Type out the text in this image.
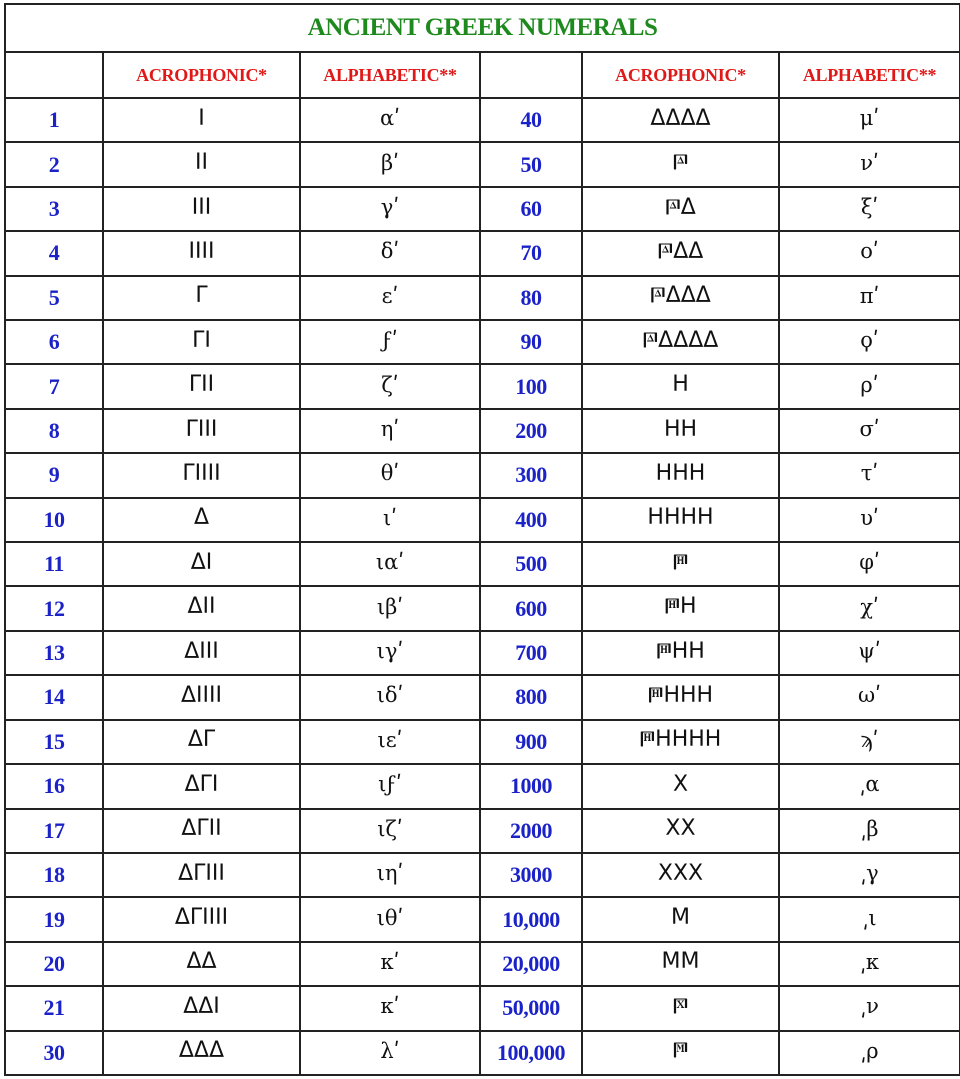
ANCIENT GREEK NUMERALS					
	ACROPHONIC*	ALPHABETIC**		ACROPHONIC*	ALPHABETIC**
1	Ι	αʹ	40	ΔΔΔΔ	μʹ
2	ΙΙ	βʹ	50	𐅄	νʹ
3	ΙΙΙ	γʹ	60	𐅄Δ	ξʹ
4	ΙΙΙΙ	δʹ	70	𐅄ΔΔ	οʹ
5	Γ	εʹ	80	𐅄ΔΔΔ	πʹ
6	ΓΙ	ϝʹ	90	𐅄ΔΔΔΔ	ϙʹ
7	ΓΙΙ	ζʹ	100	Η	ρʹ
8	ΓΙΙΙ	ηʹ	200	ΗΗ	σʹ
9	ΓΙΙΙΙ	θʹ	300	ΗΗΗ	τʹ
10	Δ	ιʹ	400	ΗΗΗΗ	υʹ
11	ΔΙ	ιαʹ	500	𐅅	φʹ
12	ΔΙΙ	ιβʹ	600	𐅅Η	χʹ
13	ΔΙΙΙ	ιγʹ	700	𐅅ΗΗ	ψʹ
14	ΔΙΙΙΙ	ιδʹ	800	𐅅ΗΗΗ	ωʹ
15	ΔΓ	ιεʹ	900	𐅅ΗΗΗΗ	ϡʹ
16	ΔΓΙ	ιϝʹ	1000	Χ	͵α
17	ΔΓΙΙ	ιζʹ	2000	ΧΧ	͵β
18	ΔΓΙΙΙ	ιηʹ	3000	ΧΧΧ	͵γ
19	ΔΓΙΙΙΙ	ιθʹ	10,000	Μ	͵ι
20	ΔΔ	κʹ	20,000	ΜΜ	͵κ
21	ΔΔΙ	κʹ	50,000	𐅆	͵ν
30	ΔΔΔ	λʹ	100,000	𐅇	͵ρ
